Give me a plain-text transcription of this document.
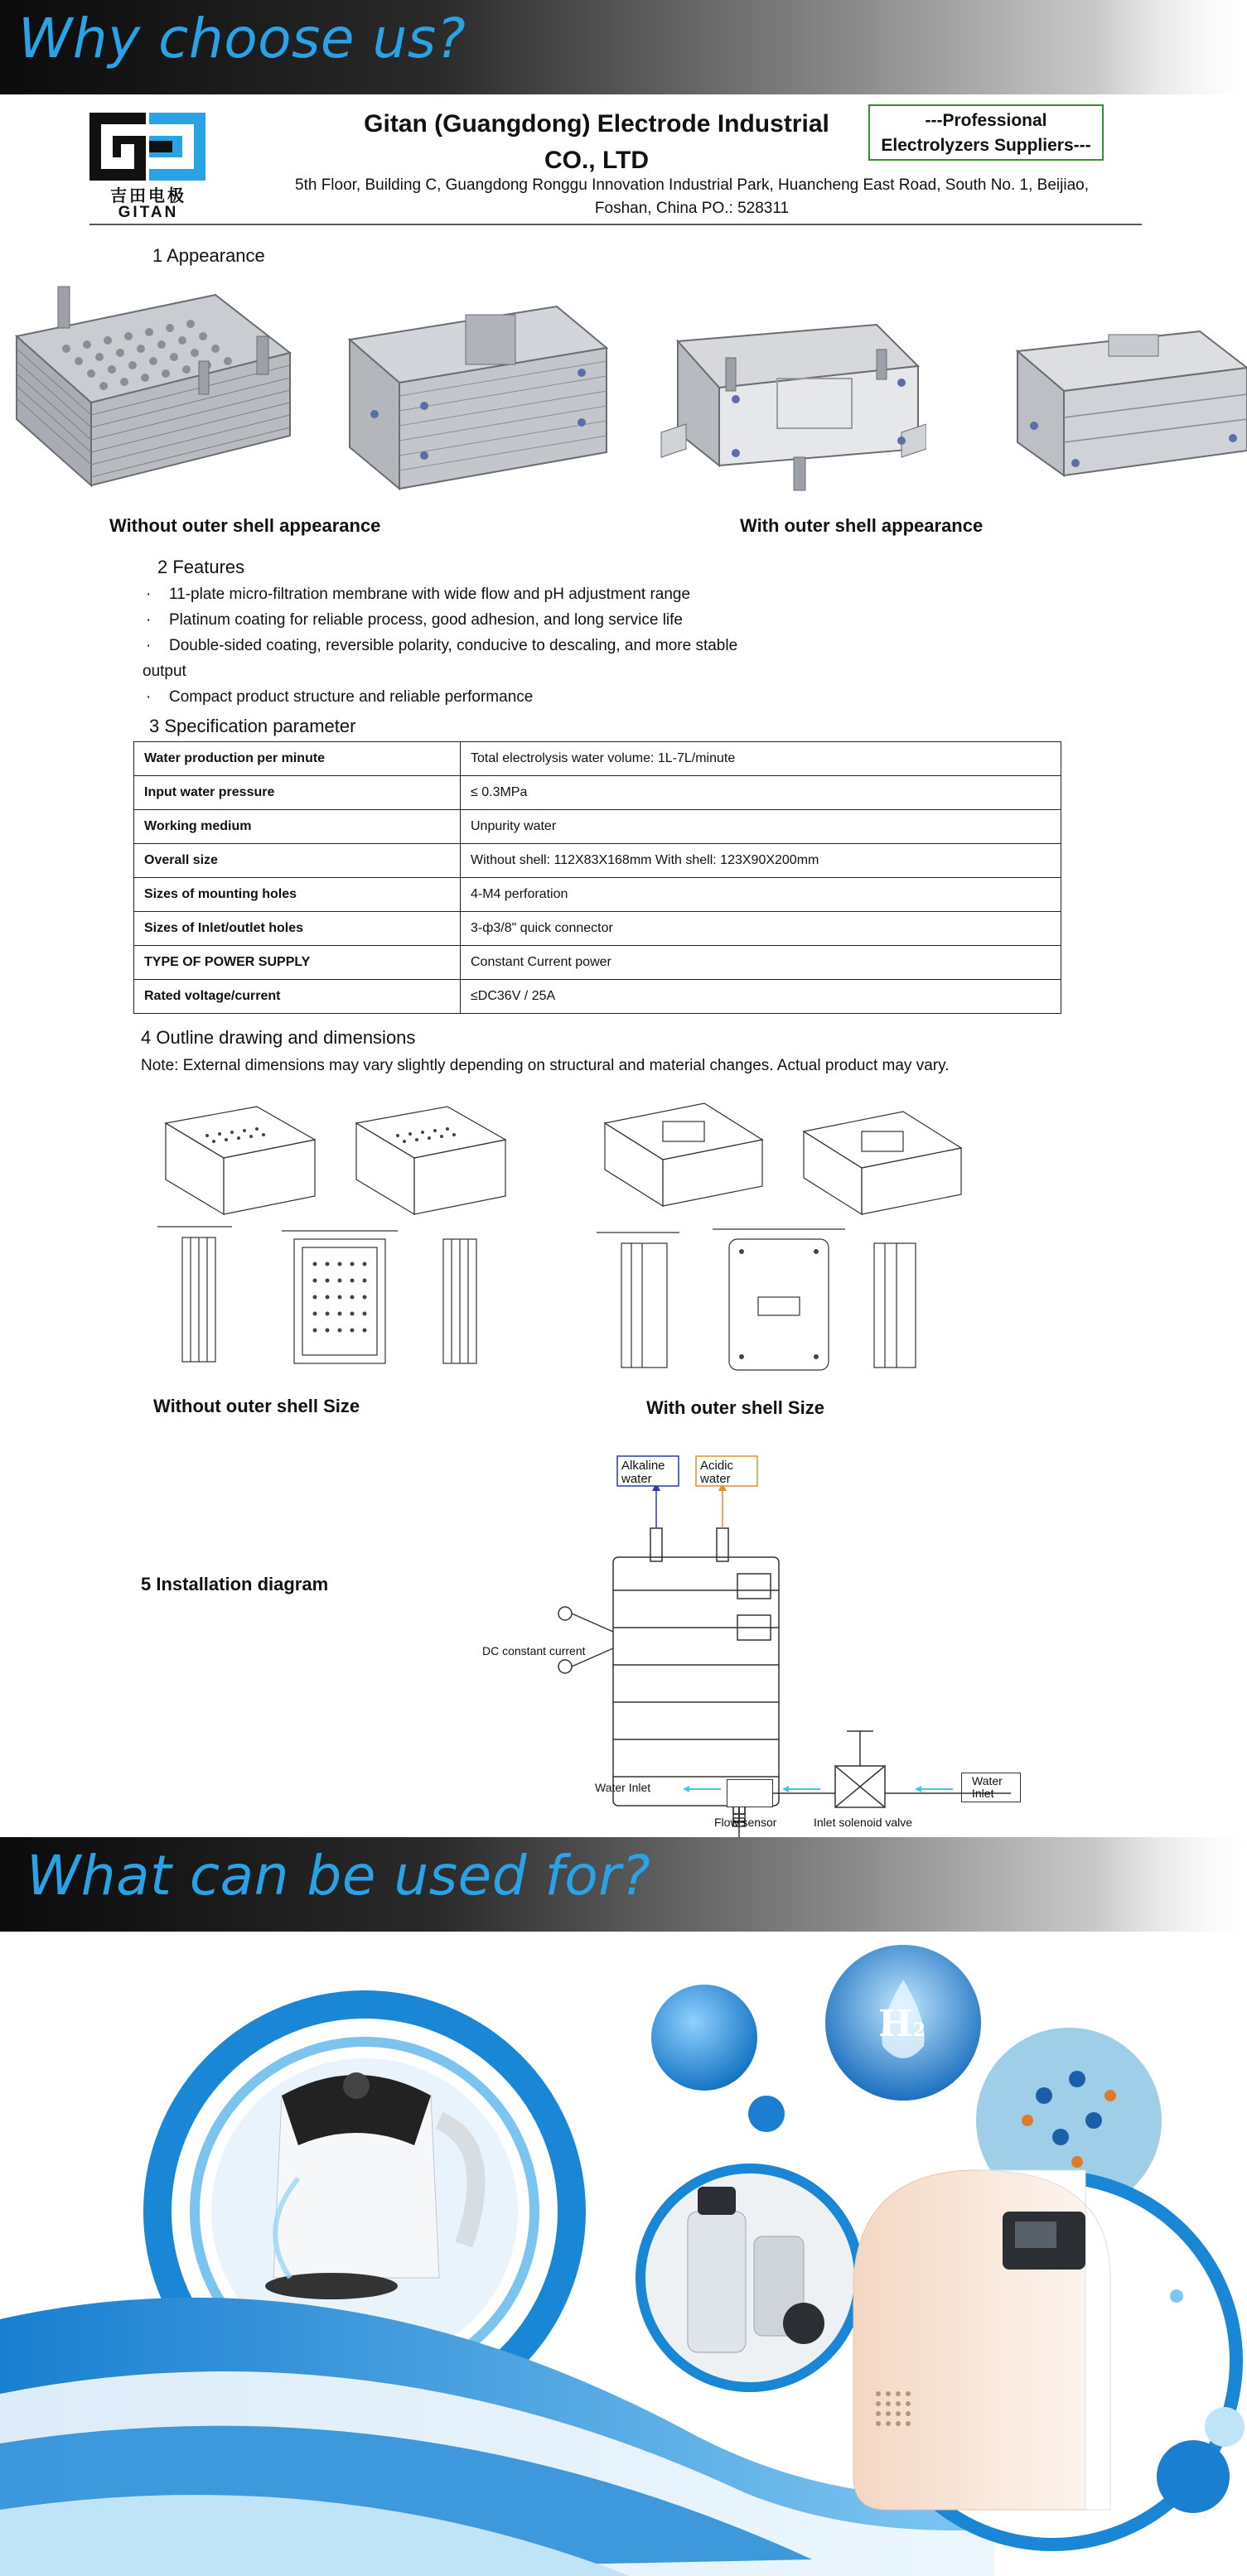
Why choose us?
吉田电极
GITAN
Gitan (Guangdong) Electrode Industrial
CO., LTD
5th Floor, Building C, Guangdong Ronggu Innovation Industrial Park, Huancheng East Road, South No. 1, Beijiao,
Foshan, China PO.: 528311
---Professional
Electrolyzers Suppliers---
1 Appearance
Without outer shell appearance	With outer shell appearance
2 Features
· 11-plate micro-filtration membrane with wide flow and pH adjustment range
· Platinum coating for reliable process, good adhesion, and long service life
· Double-sided coating, reversible polarity, conducive to descaling, and more stable
output
· Compact product structure and reliable performance
3 Specification parameter
Water production per minute	Total electrolysis water volume: 1L-7L/minute
Input water pressure	≤ 0.3MPa
Working medium	Unpurity water
Overall size	Without shell: 112X83X168mm With shell: 123X90X200mm
Sizes of mounting holes	4-M4 perforation
Sizes of Inlet/outlet holes	3-ф3/8" quick connector
TYPE OF POWER SUPPLY	Constant Current power
Rated voltage/current	≤DC36V / 25A
4 Outline drawing and dimensions
Note: External dimensions may vary slightly depending on structural and material changes. Actual product may vary.
Without outer shell Size	With outer shell Size
5 Installation diagram
Alkaline
water
Acidic
water
DC constant current
Water Inlet
Flow sensor	Inlet solenoid valve
Water
Inlet
What can be used for?
H2
